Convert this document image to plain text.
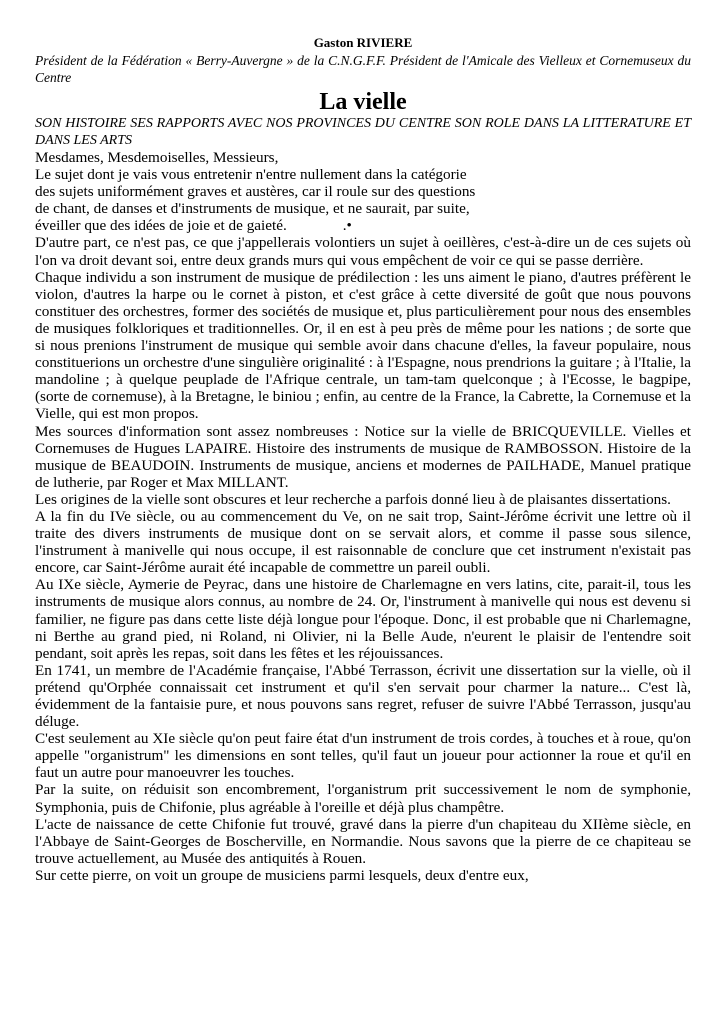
Gaston RIVIERE

Président de la Fédération « Berry-Auvergne » de la C.N.G.F.F. Président de l'Amicale des Vielleux et Cornemuseux du Centre

La vielle

SON HISTOIRE SES RAPPORTS AVEC NOS PROVINCES DU CENTRE SON ROLE DANS LA LITTERATURE ET DANS LES ARTS

Mesdames, Mesdemoiselles, Messieurs,

Le sujet dont je vais vous entretenir n'entre nullement dans la catégorie
des sujets uniformément graves et austères, car il roule sur des questions
de chant, de danses et d'instruments de musique, et ne saurait, par suite,
éveiller que des idées de joie et de gaieté.	.•

D'autre part, ce n'est pas, ce que j'appellerais volontiers un sujet à oeillères, c'est-à-dire un de ces sujets où l'on va droit devant soi, entre deux grands murs qui vous empêchent de voir ce qui se passe derrière.

Chaque individu a son instrument de musique de prédilection : les uns aiment le piano, d'autres préfèrent le violon, d'autres la harpe ou le cornet à piston, et c'est grâce à cette diversité de goût que nous pouvons constituer des orchestres, former des sociétés de musique et, plus particulièrement pour nous des ensembles de musiques folkloriques et traditionnelles. Or, il en est à peu près de même pour les nations ; de sorte que si nous prenions l'instrument de musique qui semble avoir dans chacune d'elles, la faveur populaire, nous constituerions un orchestre d'une singulière originalité : à l'Espagne, nous prendrions la guitare ; à l'Italie, la mandoline ; à quelque peuplade de l'Afrique centrale, un tam-tam quelconque ; à l'Ecosse, le bagpipe, (sorte de cornemuse), à la Bretagne, le biniou ; enfin, au centre de la France, la Cabrette, la Cornemuse et la Vielle, qui est mon propos.

Mes sources d'information sont assez nombreuses : Notice sur la vielle de BRICQUEVILLE. Vielles et Cornemuses de Hugues LAPAIRE. Histoire des instruments de musique de RAMBOSSON. Histoire de la musique de BEAUDOIN. Instruments de musique, anciens et modernes de PAILHADE, Manuel pratique de lutherie, par Roger et Max MILLANT.

Les origines de la vielle sont obscures et leur recherche a parfois donné lieu à de plaisantes dissertations.

A la fin du IVe siècle, ou au commencement du Ve, on ne sait trop, Saint-Jérôme écrivit une lettre où il traite des divers instruments de musique dont on se servait alors, et comme il passe sous silence, l'instrument à manivelle qui nous occupe, il est raisonnable de conclure que cet instrument n'existait pas encore, car Saint-Jérôme aurait été incapable de commettre un pareil oubli.

Au IXe siècle, Aymerie de Peyrac, dans une histoire de Charlemagne en vers latins, cite, parait-il, tous les instruments de musique alors connus, au nombre de 24. Or, l'instrument à manivelle qui nous est devenu si familier, ne figure pas dans cette liste déjà longue pour l'époque. Donc, il est probable que ni Charlemagne, ni Berthe au grand pied, ni Roland, ni Olivier, ni la Belle Aude, n'eurent le plaisir de l'entendre soit pendant, soit après les repas, soit dans les fêtes et les réjouissances.

En 1741, un membre de l'Académie française, l'Abbé Terrasson, écrivit une dissertation sur la vielle, où il prétend qu'Orphée connaissait cet instrument et qu'il s'en servait pour charmer la nature... C'est là, évidemment de la fantaisie pure, et nous pouvons sans regret, refuser de suivre l'Abbé Terrasson, jusqu'au déluge.

C'est seulement au XIe siècle qu'on peut faire état d'un instrument de trois cordes, à touches et à roue, qu'on appelle "organistrum" les dimensions en sont telles, qu'il faut un joueur pour actionner la roue et qu'il en faut un autre pour manoeuvrer les touches.

Par la suite, on réduisit son encombrement, l'organistrum prit successivement le nom de symphonie, Symphonia, puis de Chifonie, plus agréable à l'oreille et déjà plus champêtre.

L'acte de naissance de cette Chifonie fut trouvé, gravé dans la pierre d'un chapiteau du XIIème siècle, en l'Abbaye de Saint-Georges de Boscherville, en Normandie. Nous savons que la pierre de ce chapiteau se trouve actuellement, au Musée des antiquités à Rouen.

Sur cette pierre, on voit un groupe de musiciens parmi lesquels, deux d'entre eux,
